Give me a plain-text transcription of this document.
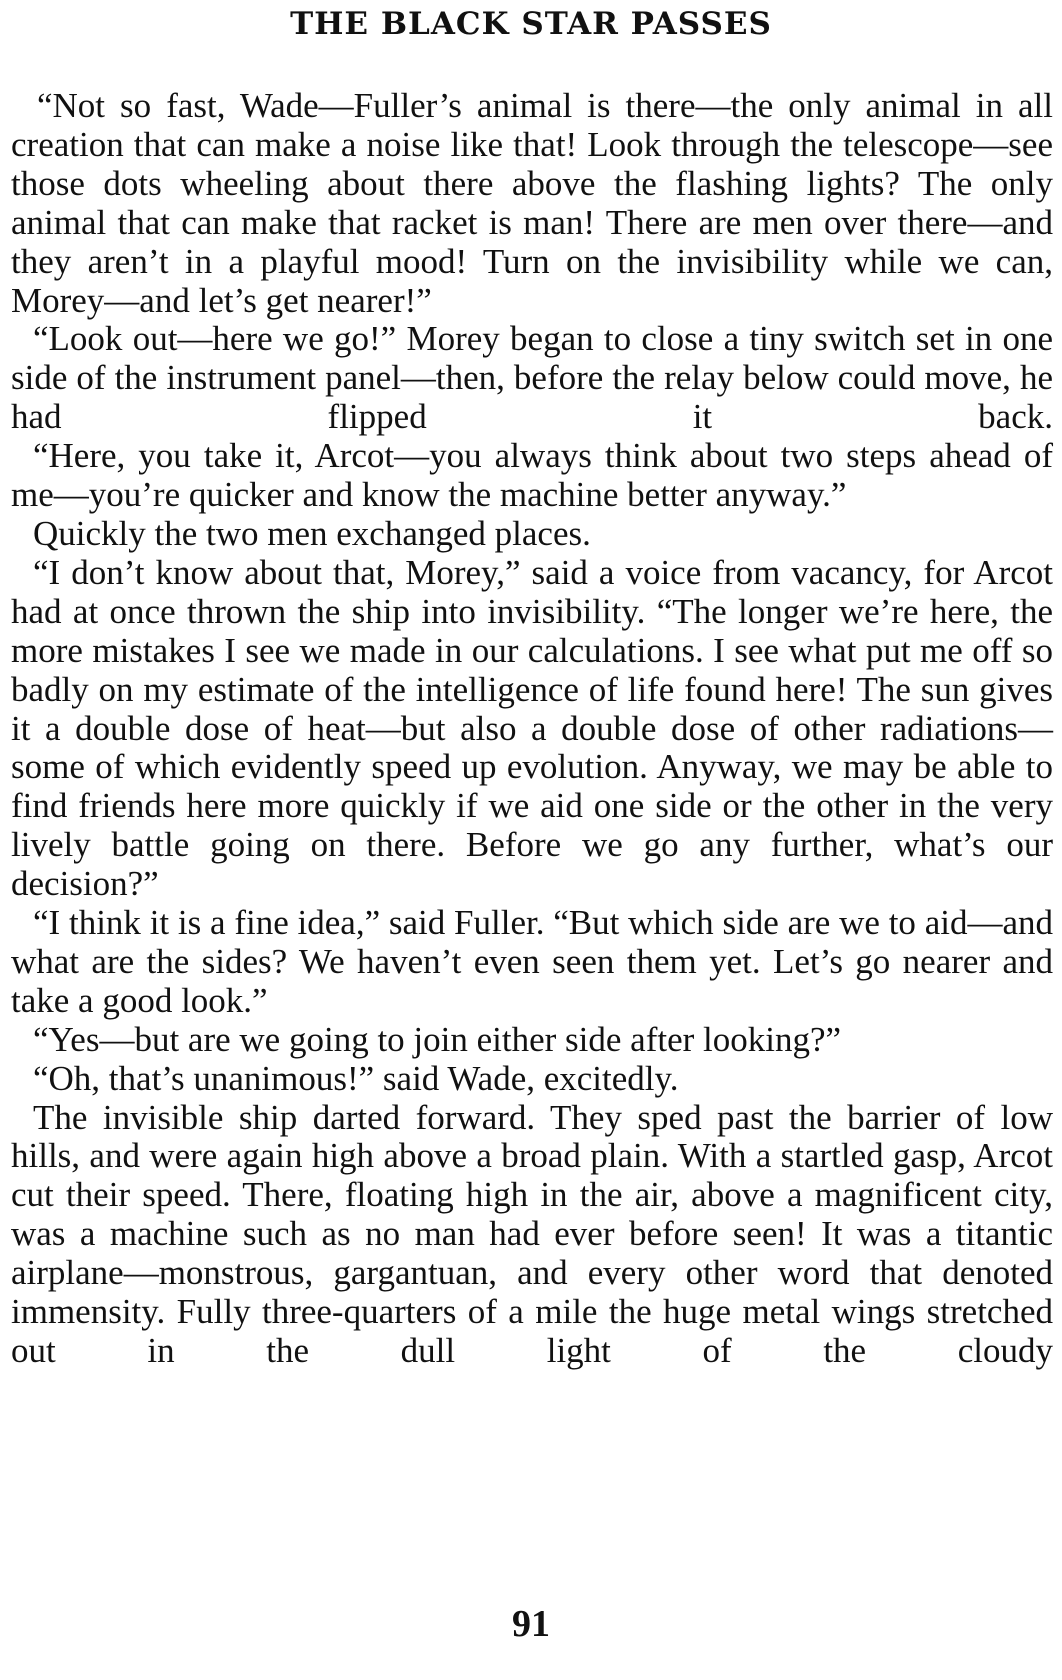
THE BLACK STAR PASSES

“Not so fast, Wade—Fuller’s animal is there—the only animal in all creation that can make a noise like that! Look through the telescope—see those dots wheeling about there above the flashing lights? The only animal that can make that racket is man! There are men over there—and they aren’t in a playful mood! Turn on the invisibility while we can, Morey—and let’s get nearer!”

“Look out—here we go!” Morey began to close a tiny switch set in one side of the instrument panel—then, before the relay below could move, he had flipped it back.

“Here, you take it, Arcot—you always think about two steps ahead of me—you’re quicker and know the machine better anyway.”

Quickly the two men exchanged places.

“I don’t know about that, Morey,” said a voice from vacancy, for Arcot had at once thrown the ship into invisibility. “The longer we’re here, the more mistakes I see we made in our calculations. I see what put me off so badly on my estimate of the intelligence of life found here! The sun gives it a double dose of heat—but also a double dose of other radiations—some of which evidently speed up evolution. Anyway, we may be able to find friends here more quickly if we aid one side or the other in the very lively battle going on there. Before we go any further, what’s our decision?”

“I think it is a fine idea,” said Fuller. “But which side are we to aid—and what are the sides? We haven’t even seen them yet. Let’s go nearer and take a good look.”

“Yes—but are we going to join either side after looking?”

“Oh, that’s unanimous!” said Wade, excitedly.

The invisible ship darted forward. They sped past the barrier of low hills, and were again high above a broad plain. With a startled gasp, Arcot cut their speed. There, floating high in the air, above a magnificent city, was a machine such as no man had ever before seen! It was a titantic airplane—monstrous, gargantuan, and every other word that denoted immensity. Fully three-quarters of a mile the huge metal wings stretched out in the dull light of the cloudy

91
